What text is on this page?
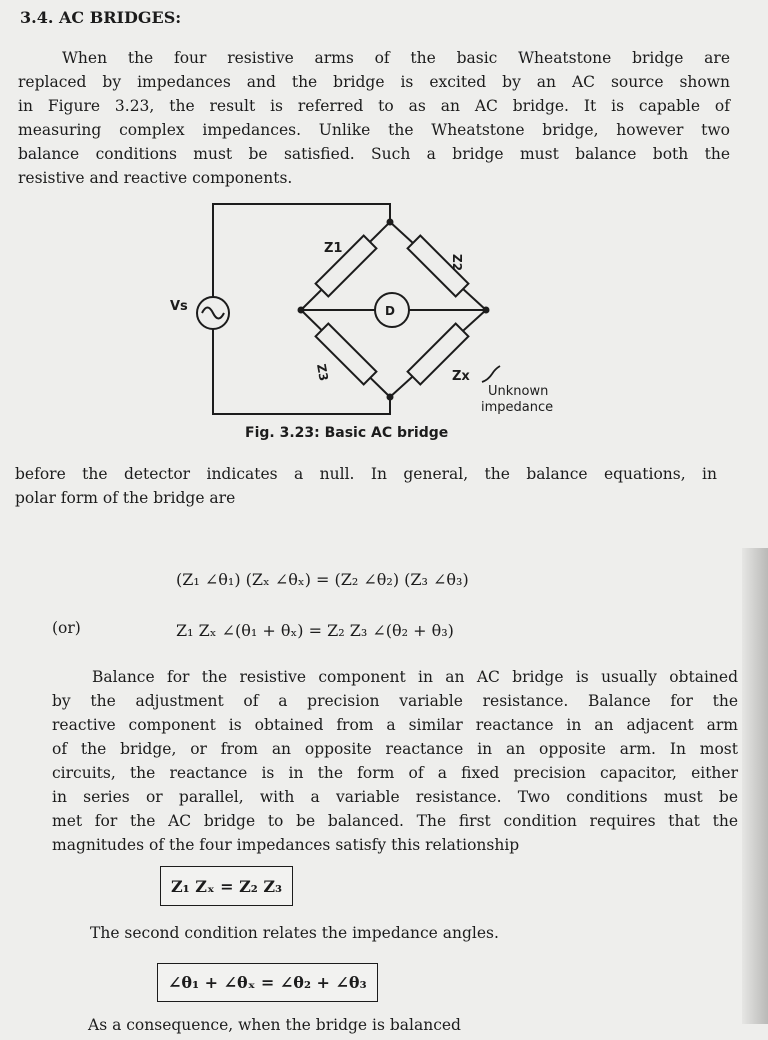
3.4. AC BRIDGES:

When the four resistive arms of the basic Wheatstone bridge are
replaced by impedances and the bridge is excited by an AC source shown
in Figure 3.23, the result is referred to as an AC bridge. It is capable of
measuring complex impedances. Unlike the Wheatstone bridge, however two
balance conditions must be satisfied. Such a bridge must balance both the
resistive and reactive components.

Vs	D
Z1
Z2
Z3	Zx
Unknown
impedance

Fig. 3.23: Basic AC bridge

before the detector indicates a null. In general, the balance equations, in
polar form of the bridge are

(Z₁ ∠θ₁) (Zₓ ∠θₓ) = (Z₂ ∠θ₂) (Z₃ ∠θ₃)
(or)	Z₁ Zₓ ∠(θ₁ + θₓ) = Z₂ Z₃ ∠(θ₂ + θ₃)

Balance for the resistive component in an AC bridge is usually obtained
by the adjustment of a precision variable resistance. Balance for the
reactive component is obtained from a similar reactance in an adjacent arm
of the bridge, or from an opposite reactance in an opposite arm. In most
circuits, the reactance is in the form of a fixed precision capacitor, either
in series or parallel, with a variable resistance. Two conditions must be
met for the AC bridge to be balanced. The first condition requires that the
magnitudes of the four impedances satisfy this relationship

Z₁ Zₓ = Z₂ Z₃

The second condition relates the impedance angles.

∠θ₁ + ∠θₓ = ∠θ₂ + ∠θ₃

As a consequence, when the bridge is balanced
